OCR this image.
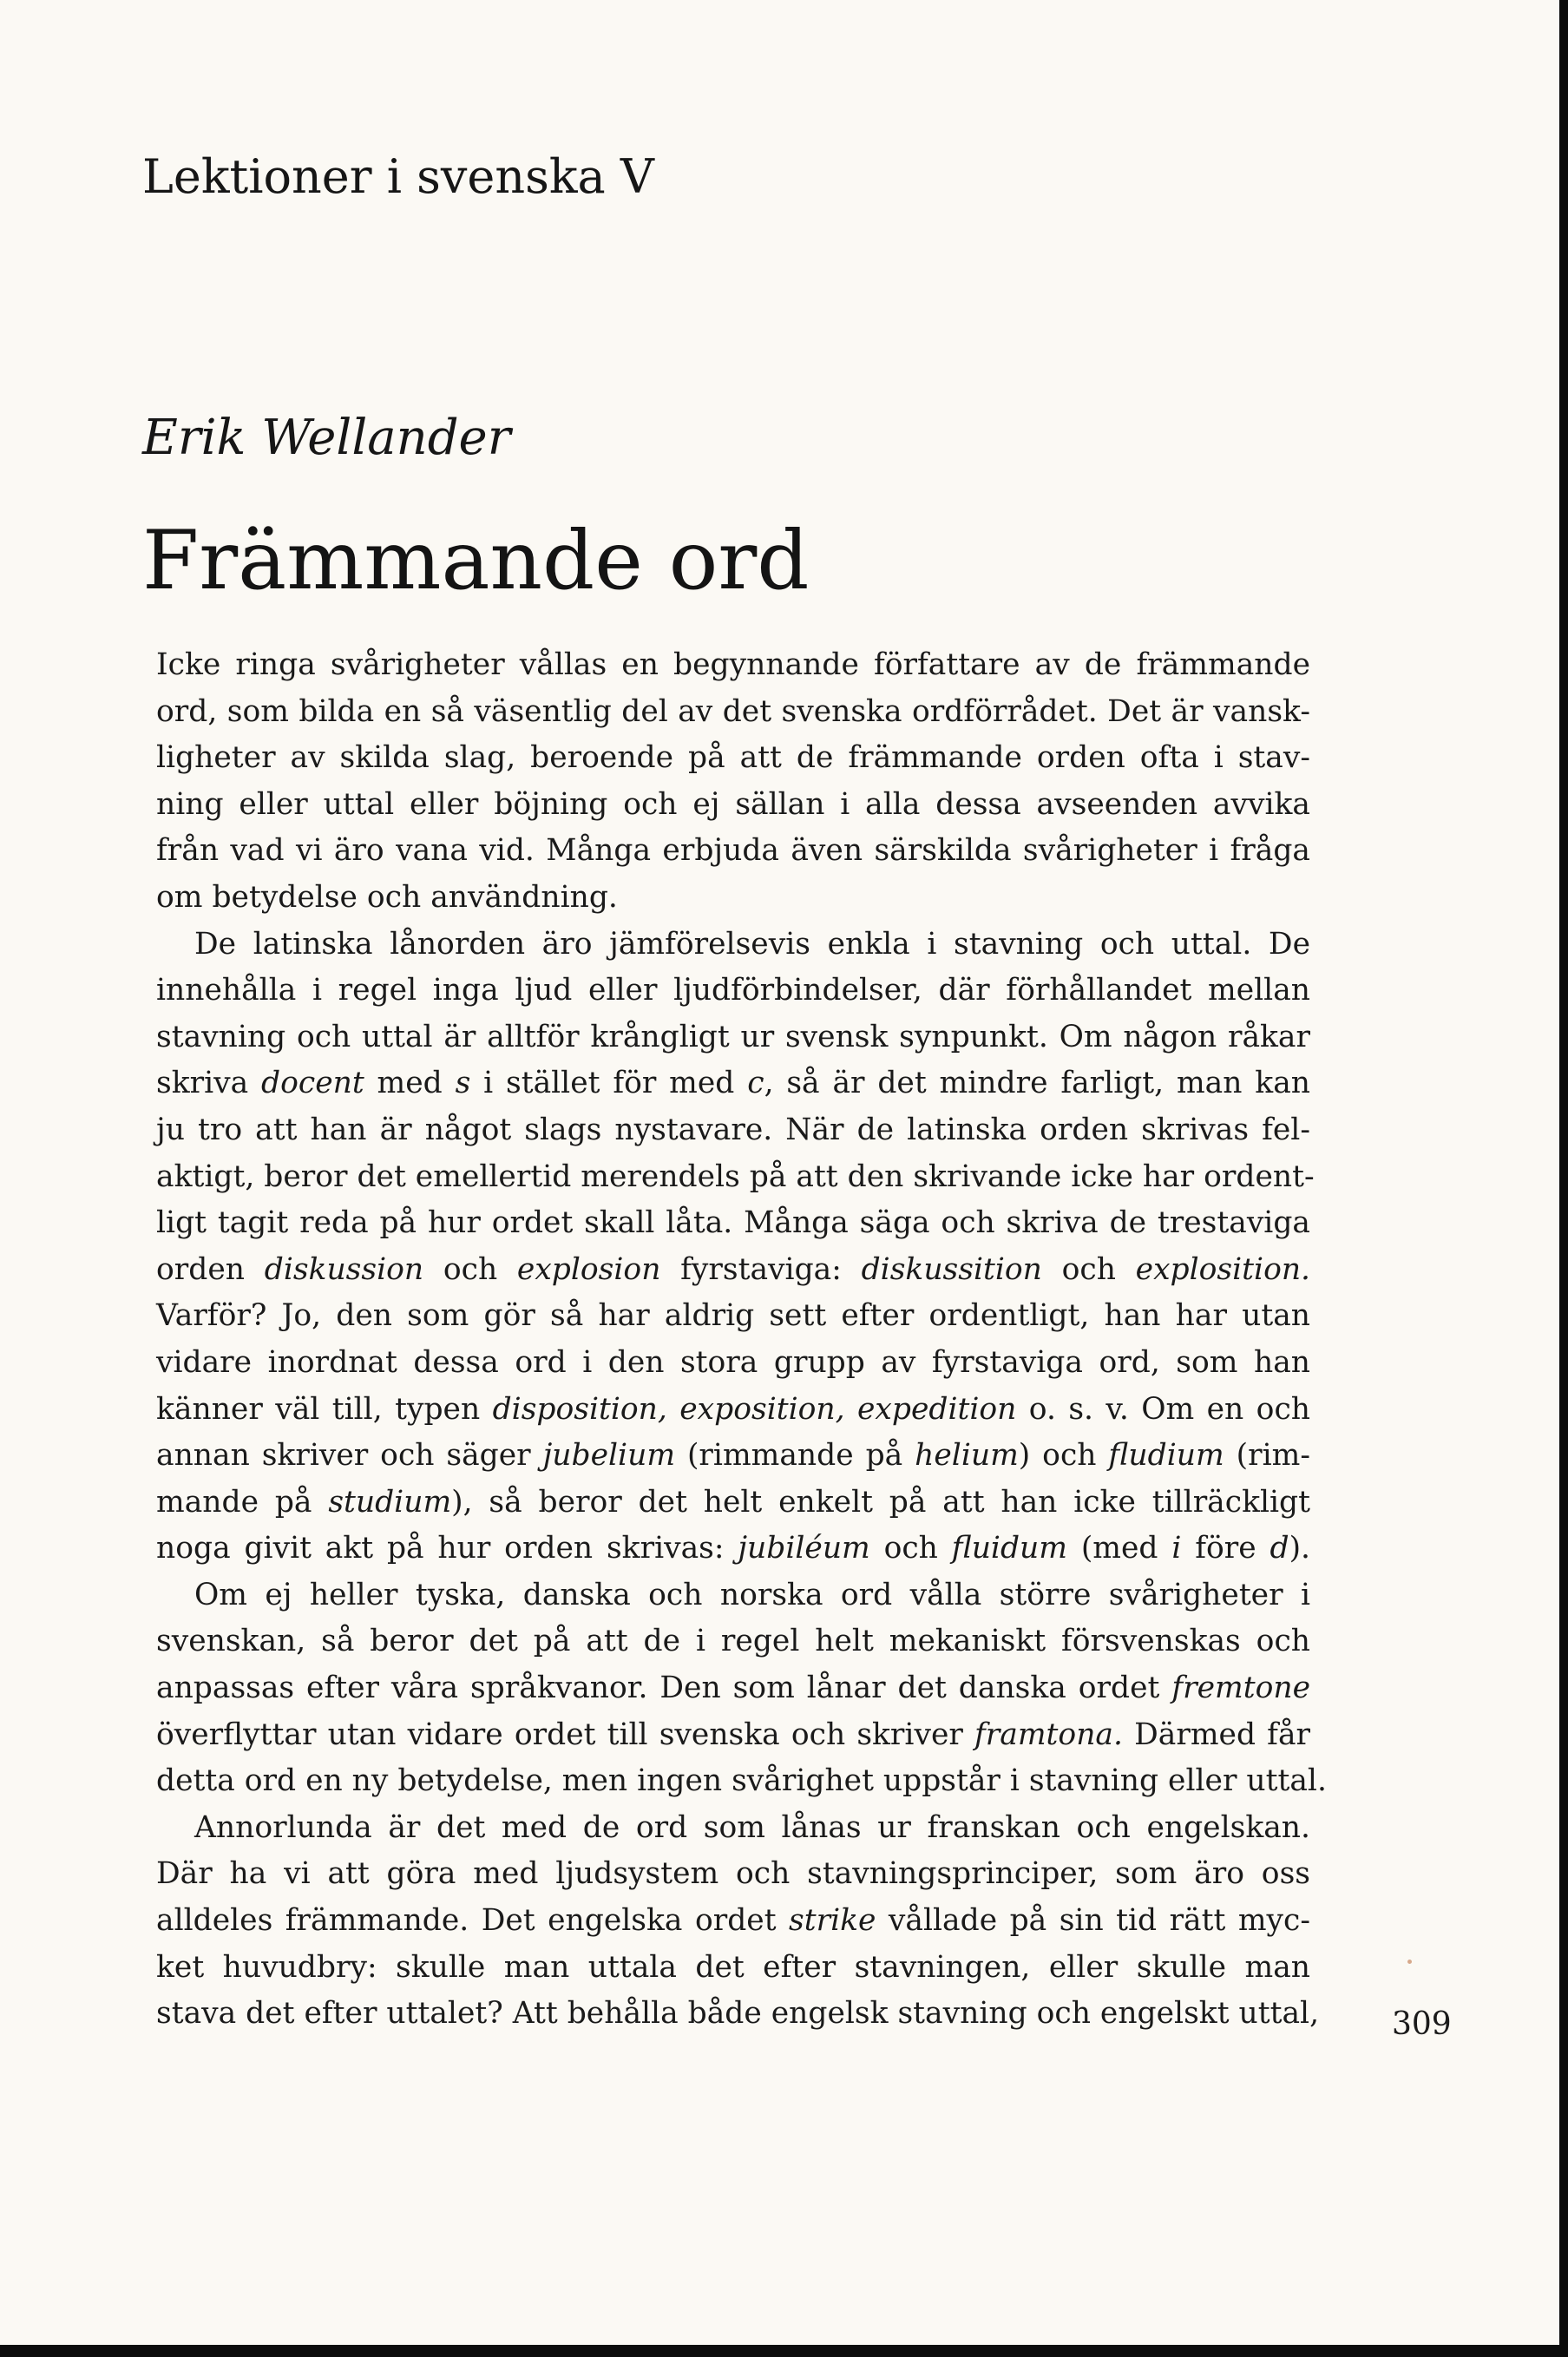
Lektioner i svenska V
Erik Wellander
Främmande ord
Icke ringa svårigheter vållas en begynnande författare av de främmande
ord, som bilda en så väsentlig del av det svenska ordförrådet. Det är vansk-
ligheter av skilda slag, beroende på att de främmande orden ofta i stav-
ning eller uttal eller böjning och ej sällan i alla dessa avseenden avvika
från vad vi äro vana vid. Många erbjuda även särskilda svårigheter i fråga
om betydelse och användning.
De latinska lånorden äro jämförelsevis enkla i stavning och uttal. De
innehålla i regel inga ljud eller ljudförbindelser, där förhållandet mellan
stavning och uttal är alltför krångligt ur svensk synpunkt. Om någon råkar
skriva docent med s i stället för med c, så är det mindre farligt, man kan
ju tro att han är något slags nystavare. När de latinska orden skrivas fel-
aktigt, beror det emellertid merendels på att den skrivande icke har ordent-
ligt tagit reda på hur ordet skall låta. Många säga och skriva de trestaviga
orden diskussion och explosion fyrstaviga: diskussition och explosition.
Varför? Jo, den som gör så har aldrig sett efter ordentligt, han har utan
vidare inordnat dessa ord i den stora grupp av fyrstaviga ord, som han
känner väl till, typen disposition, exposition, expedition o. s. v. Om en och
annan skriver och säger jubelium (rimmande på helium) och fludium (rim-
mande på studium), så beror det helt enkelt på att han icke tillräckligt
noga givit akt på hur orden skrivas: jubiléum och fluidum (med i före d).
Om ej heller tyska, danska och norska ord vålla större svårigheter i
svenskan, så beror det på att de i regel helt mekaniskt försvenskas och
anpassas efter våra språkvanor. Den som lånar det danska ordet fremtone
överflyttar utan vidare ordet till svenska och skriver framtona. Därmed får
detta ord en ny betydelse, men ingen svårighet uppstår i stavning eller uttal.
Annorlunda är det med de ord som lånas ur franskan och engelskan.
Där ha vi att göra med ljudsystem och stavningsprinciper, som äro oss
alldeles främmande. Det engelska ordet strike vållade på sin tid rätt myc-
ket huvudbry: skulle man uttala det efter stavningen, eller skulle man
stava det efter uttalet? Att behålla både engelsk stavning och engelskt uttal, 309
